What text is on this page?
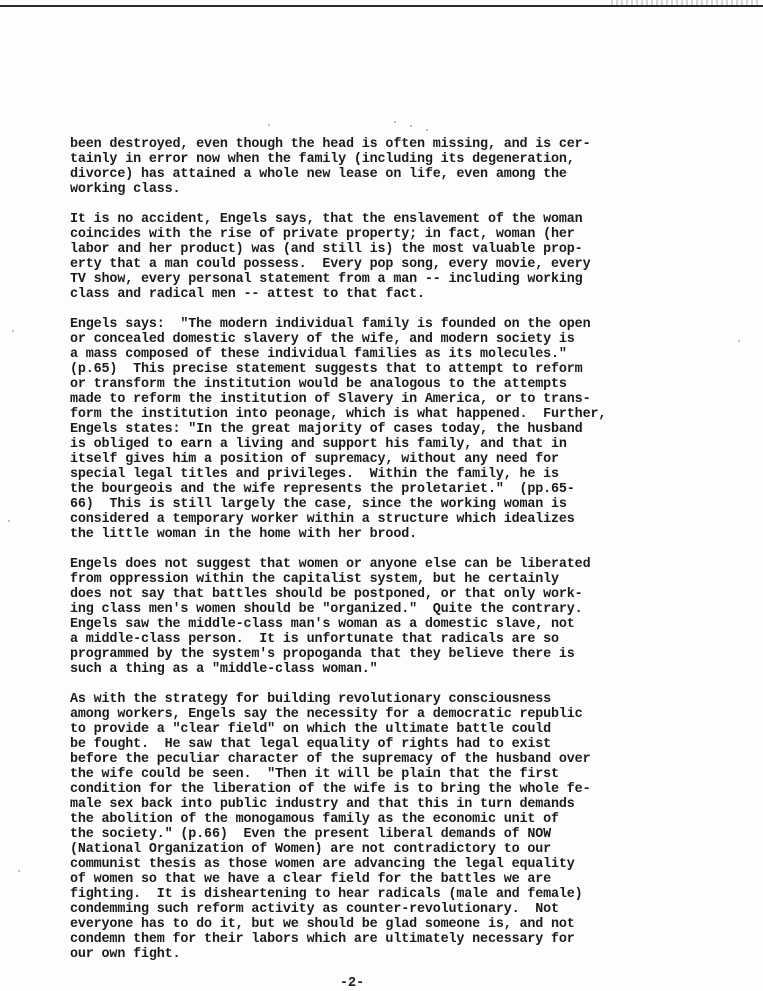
been destroyed, even though the head is often missing, and is cer-
tainly in error now when the family (including its degeneration,
divorce) has attained a whole new lease on life, even among the
working class.
It is no accident, Engels says, that the enslavement of the woman
coincides with the rise of private property; in fact, woman (her
labor and her product) was (and still is) the most valuable prop-
erty that a man could possess.  Every pop song, every movie, every
TV show, every personal statement from a man -- including working
class and radical men -- attest to that fact.
Engels says:  "The modern individual family is founded on the open
or concealed domestic slavery of the wife, and modern society is
a mass composed of these individual families as its molecules."
(p.65)  This precise statement suggests that to attempt to reform
or transform the institution would be analogous to the attempts
made to reform the institution of Slavery in America, or to trans-
form the institution into peonage, which is what happened.  Further,
Engels states: "In the great majority of cases today, the husband
is obliged to earn a living and support his family, and that in
itself gives him a position of supremacy, without any need for
special legal titles and privileges.  Within the family, he is
the bourgeois and the wife represents the proletariet."  (pp.65-
66)  This is still largely the case, since the working woman is
considered a temporary worker within a structure which idealizes
the little woman in the home with her brood.
Engels does not suggest that women or anyone else can be liberated
from oppression within the capitalist system, but he certainly
does not say that battles should be postponed, or that only work-
ing class men's women should be "organized."  Quite the contrary.
Engels saw the middle-class man's woman as a domestic slave, not
a middle-class person.  It is unfortunate that radicals are so
programmed by the system's propoganda that they believe there is
such a thing as a "middle-class woman."
As with the strategy for building revolutionary consciousness
among workers, Engels say the necessity for a democratic republic
to provide a "clear field" on which the ultimate battle could
be fought.  He saw that legal equality of rights had to exist
before the peculiar character of the supremacy of the husband over
the wife could be seen.  "Then it will be plain that the first
condition for the liberation of the wife is to bring the whole fe-
male sex back into public industry and that this in turn demands
the abolition of the monogamous family as the economic unit of
the society." (p.66)  Even the present liberal demands of NOW
(National Organization of Women) are not contradictory to our
communist thesis as those women are advancing the legal equality
of women so that we have a clear field for the battles we are
fighting.  It is disheartening to hear radicals (male and female)
condemming such reform activity as counter-revolutionary.  Not
everyone has to do it, but we should be glad someone is, and not
condemn them for their labors which are ultimately necessary for
our own fight.
-2-
